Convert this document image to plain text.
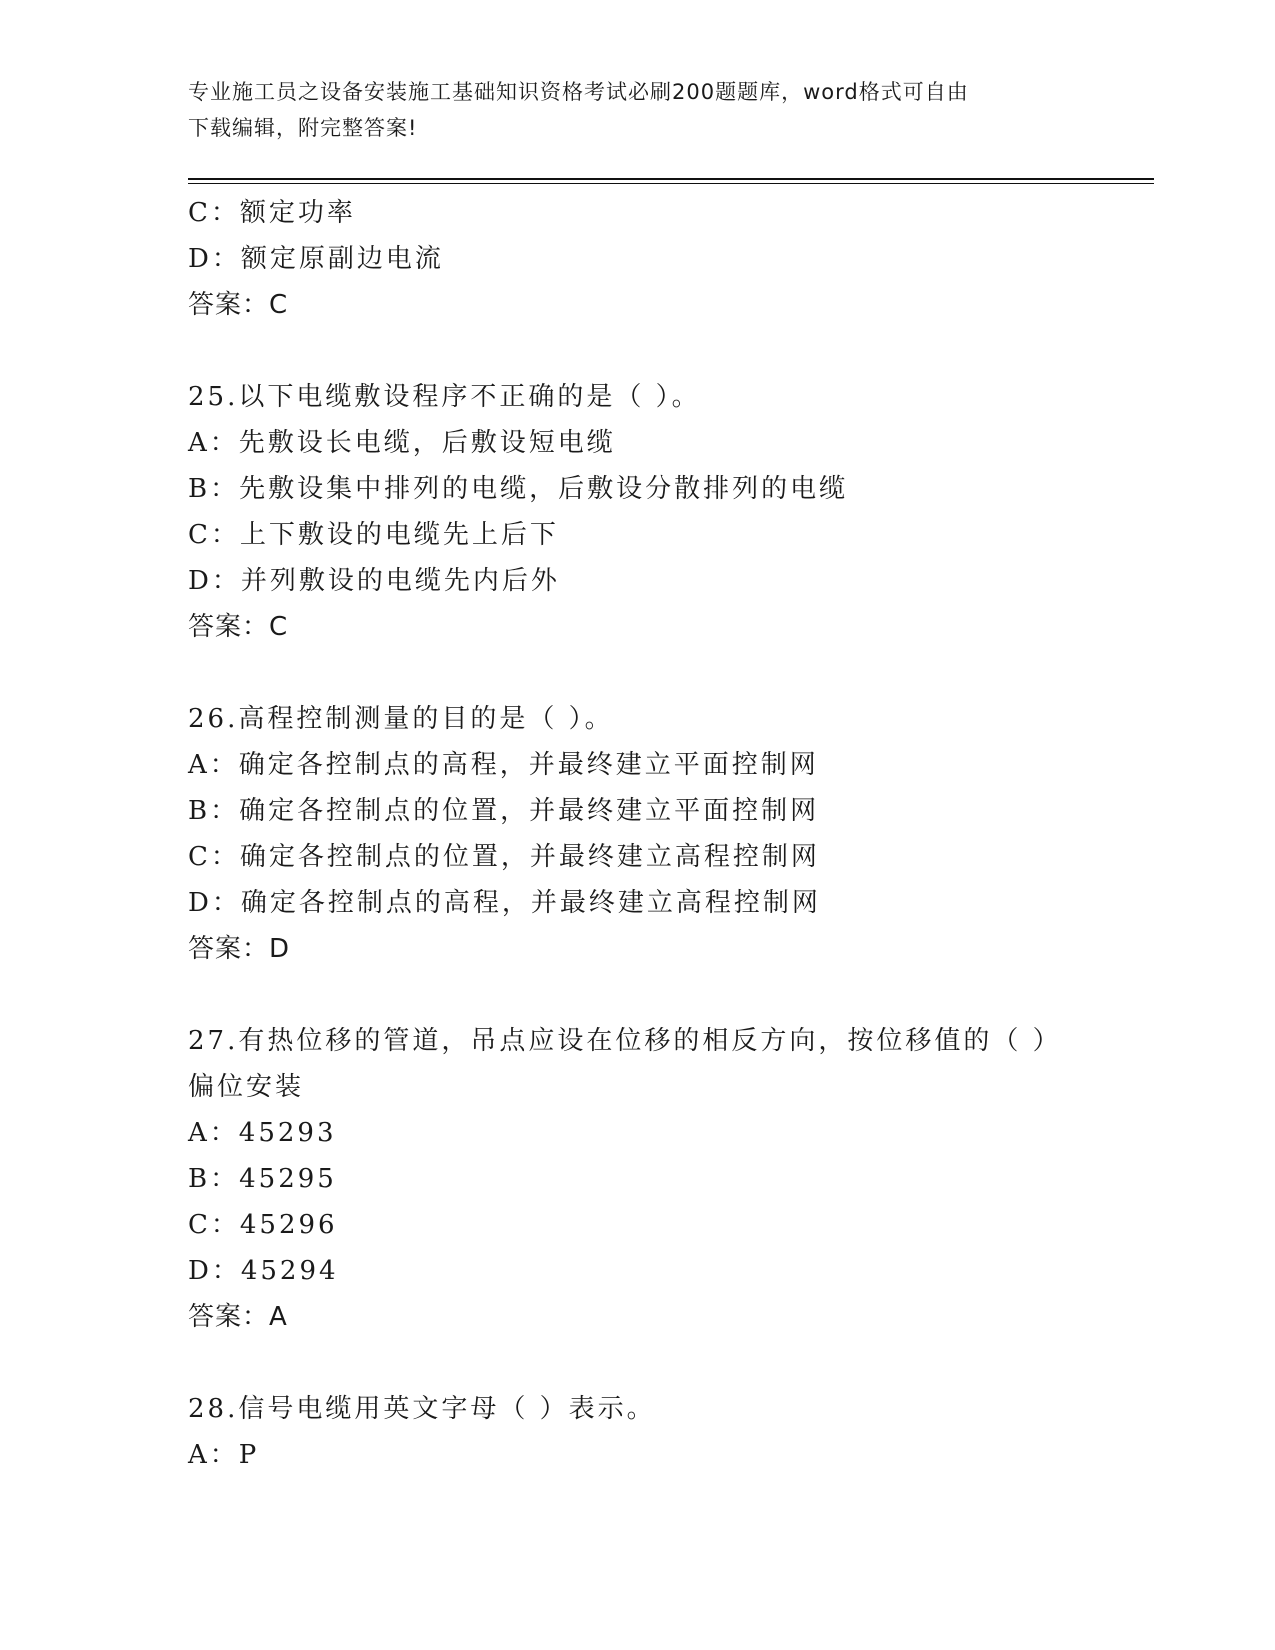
专业施工员之设备安装施工基础知识资格考试必刷200题题库，word格式可自由
下载编辑，附完整答案!
C：额定功率
D：额定原副边电流
答案：C
25.以下电缆敷设程序不正确的是（ ）。
A：先敷设长电缆，后敷设短电缆
B：先敷设集中排列的电缆，后敷设分散排列的电缆
C：上下敷设的电缆先上后下
D：并列敷设的电缆先内后外
答案：C
26.高程控制测量的目的是（ ）。
A：确定各控制点的高程，并最终建立平面控制网
B：确定各控制点的位置，并最终建立平面控制网
C：确定各控制点的位置，并最终建立高程控制网
D：确定各控制点的高程，并最终建立高程控制网
答案：D
27.有热位移的管道，吊点应设在位移的相反方向，按位移值的（ ）
偏位安装
A：45293
B：45295
C：45296
D：45294
答案：A
28.信号电缆用英文字母（ ）表示。
A：P
